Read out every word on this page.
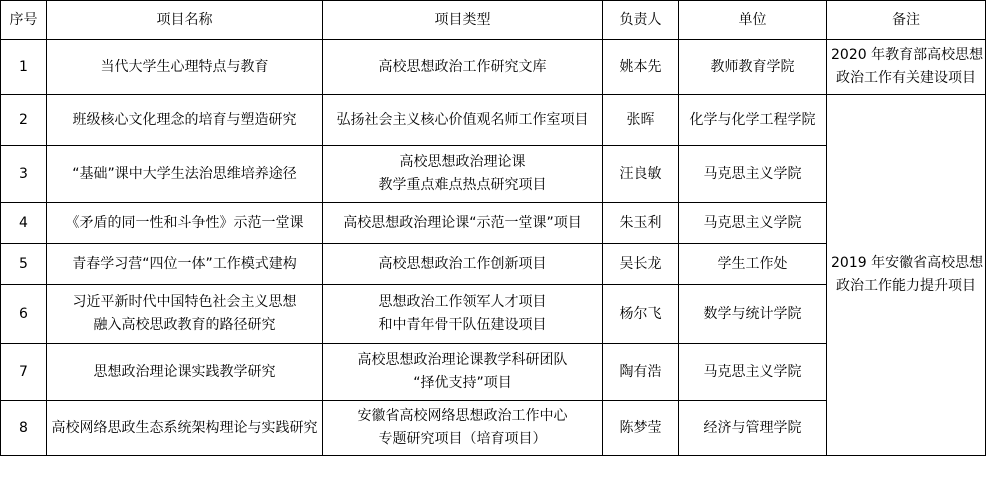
序号	项目名称	项目类型	负责人	单位	备注
1	当代大学生心理特点与教育	高校思想政治工作研究文库	姚本先	教师教育学院	2020 年教育部高校思想
政治工作有关建设项目

2	班级核心文化理念的培育与塑造研究	弘扬社会主义核心价值观名师工作室项目	张晖	化学与化学工程学院	2019 年安徽省高校思想
政治工作能力提升项目

3	“基础”课中大学生法治思维培养途径	高校思想政治理论课
教学重点难点热点研究项目	汪良敏	马克思主义学院	

4	《矛盾的同一性和斗争性》示范一堂课	高校思想政治理论课“示范一堂课”项目	朱玉利	马克思主义学院	

5	青春学习营“四位一体”工作模式建构	高校思想政治工作创新项目	吴长龙	学生工作处	

6	习近平新时代中国特色社会主义思想
融入高校思政教育的路径研究	思想政治工作领军人才项目
和中青年骨干队伍建设项目	杨尔飞	数学与统计学院	

7	思想政治理论课实践教学研究	高校思想政治理论课教学科研团队
“择优支持”项目	陶有浩	马克思主义学院	

8	高校网络思政生态系统架构理论与实践研究	安徽省高校网络思想政治工作中心
专题研究项目（培育项目）	陈梦莹	经济与管理学院	
